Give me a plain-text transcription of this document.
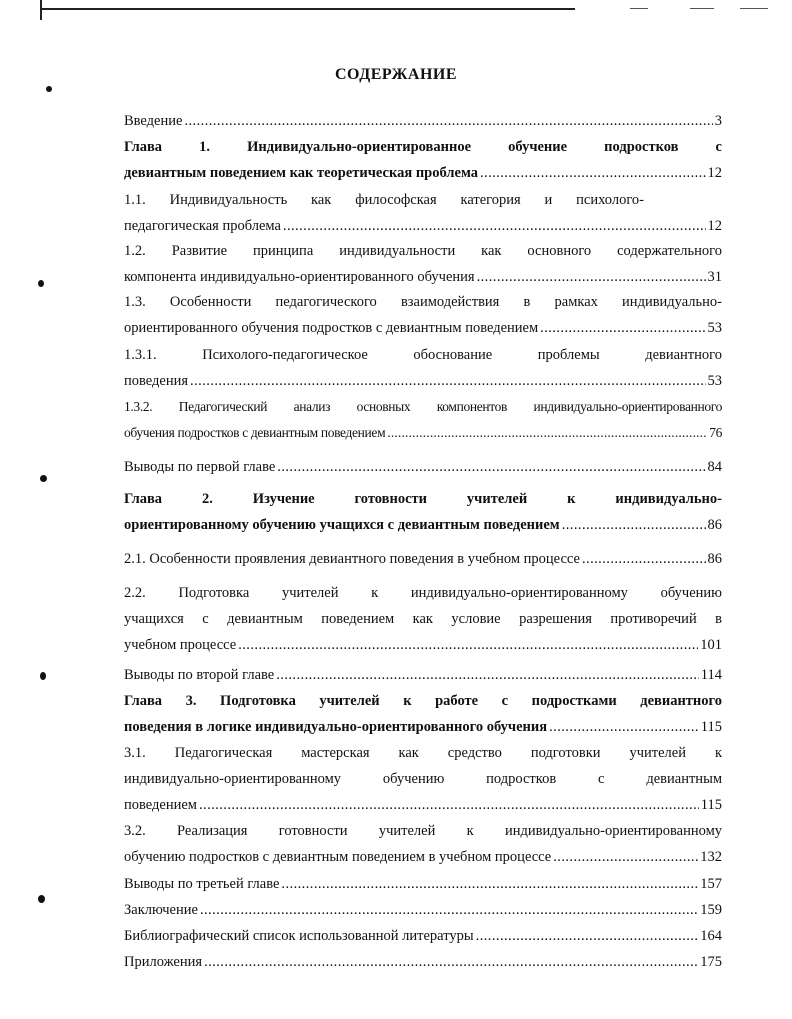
СОДЕРЖАНИЕ
Введение . . .	3
Глава 1. Индивидуально-ориентированное обучение подростков с
девиантным поведением как теоретическая проблема . . .	12
1.1. Индивидуальность как философская категория и психолого-
педагогическая проблема . . .	12
1.2. Развитие принципа индивидуальности как основного содержательного
компонента индивидуально-ориентированного обучения . . .	31
1.3. Особенности педагогического взаимодействия в рамках индивидуально-
ориентированного обучения подростков с девиантным поведением . . .	53
1.3.1. Психолого-педагогическое обоснование проблемы девиантного
поведения . . .	53
1.3.2. Педагогический анализ основных компонентов индивидуально-ориентированного
обучения подростков с девиантным поведением . . .	76
Выводы по первой главе . . .	84
Глава 2. Изучение готовности учителей к индивидуально-
ориентированному обучению учащихся с девиантным поведением . . .	86
2.1. Особенности проявления девиантного поведения в учебном процессе . . .	86
2.2. Подготовка учителей к индивидуально-ориентированному обучению
учащихся с девиантным поведением как условие разрешения противоречий в
учебном процессе . . .	101
Выводы по второй главе . . .	114
Глава 3. Подготовка учителей к работе с подростками девиантного
поведения в логике индивидуально-ориентированного обучения . . .	115
3.1. Педагогическая мастерская как средство подготовки учителей к
индивидуально-ориентированному обучению подростков с девиантным
поведением . . .	115
3.2. Реализация готовности учителей к индивидуально-ориентированному
обучению подростков с девиантным поведением в учебном процессе . . .	132
Выводы по третьей главе . . .	157
Заключение . . .	159
Библиографический список использованной литературы . . .	164
Приложения . . .	175
